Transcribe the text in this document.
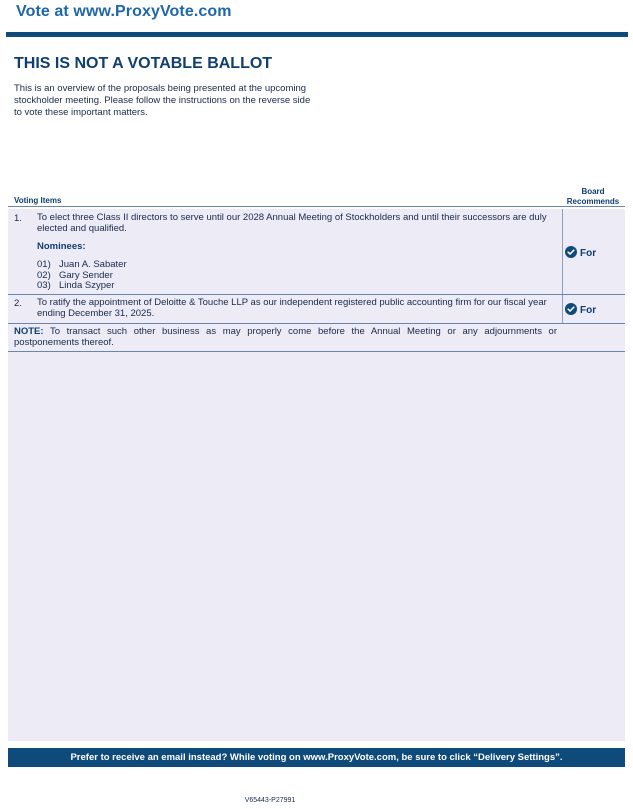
Vote at www.ProxyVote.com
THIS IS NOT A VOTABLE BALLOT
This is an overview of the proposals being presented at the upcoming stockholder meeting. Please follow the instructions on the reverse side to vote these important matters.
Voting Items
Board
Recommends
1. To elect three Class II directors to serve until our 2028 Annual Meeting of Stockholders and until their successors are duly elected and qualified.
Nominees:
01) Juan A. Sabater
02) Gary Sender
03) Linda Szyper
For
2. To ratify the appointment of Deloitte & Touche LLP as our independent registered public accounting firm for our fiscal year ending December 31, 2025.	For
NOTE: To transact such other business as may properly come before the Annual Meeting or any adjournments or postponements thereof.
Prefer to receive an email instead? While voting on www.ProxyVote.com, be sure to click “Delivery Settings”.
V65443-P27991
